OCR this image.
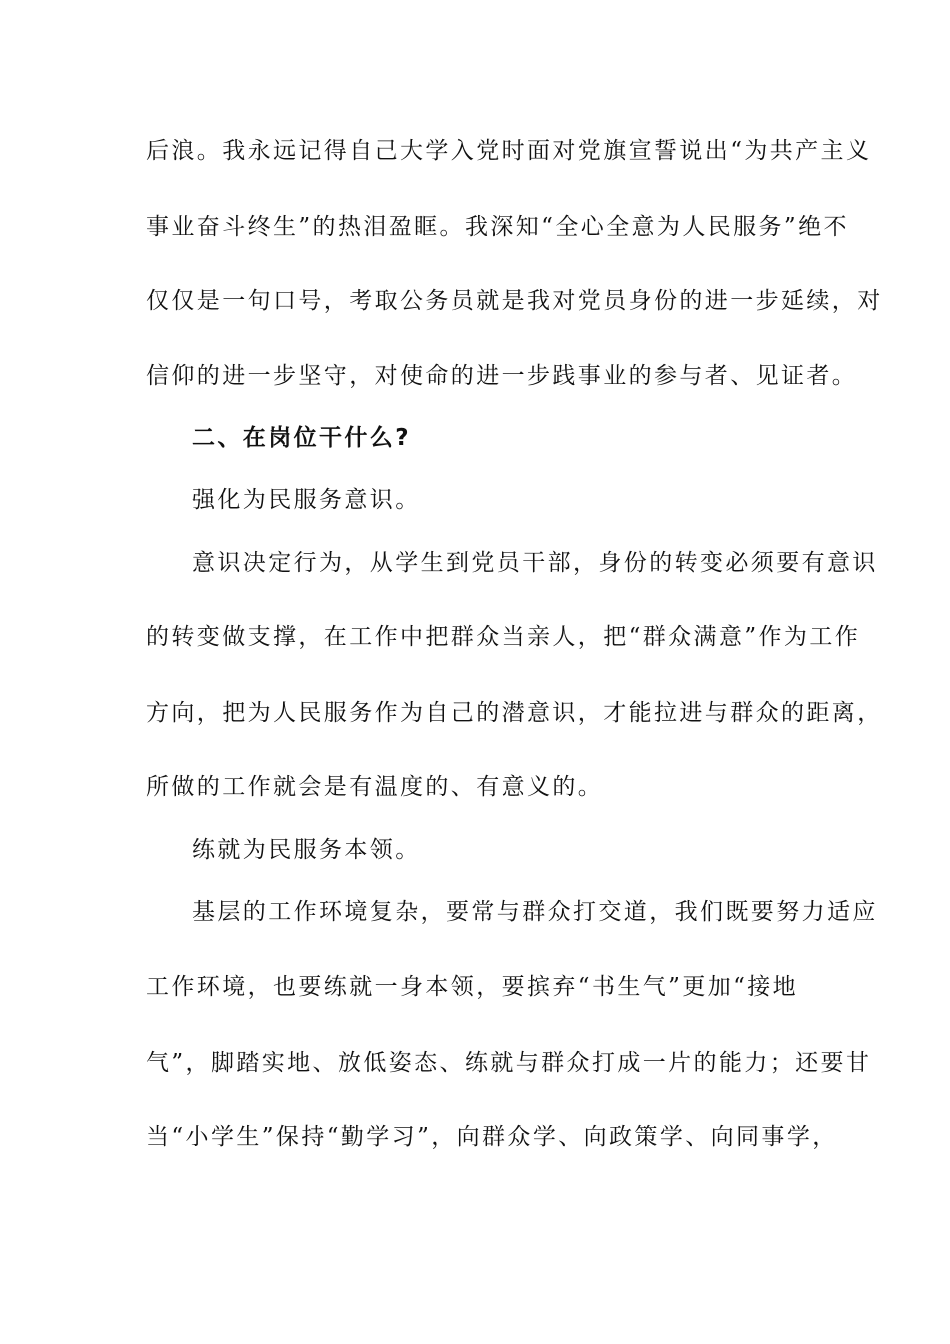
后浪。我永远记得自己大学入党时面对党旗宣誓说出“为共产主义
事业奋斗终生”的热泪盈眶。我深知“全心全意为人民服务”绝不
仅仅是一句口号，考取公务员就是我对党员身份的进一步延续，对
信仰的进一步坚守，对使命的进一步践事业的参与者、见证者。
二、在岗位干什么?
强化为民服务意识。
意识决定行为，从学生到党员干部，身份的转变必须要有意识
的转变做支撑，在工作中把群众当亲人，把“群众满意”作为工作
方向，把为人民服务作为自己的潜意识，才能拉进与群众的距离，
所做的工作就会是有温度的、有意义的。
练就为民服务本领。
基层的工作环境复杂，要常与群众打交道，我们既要努力适应
工作环境，也要练就一身本领，要摈弃“书生气”更加“接地
气”，脚踏实地、放低姿态、练就与群众打成一片的能力；还要甘
当“小学生”保持“勤学习”，向群众学、向政策学、向同事学，
